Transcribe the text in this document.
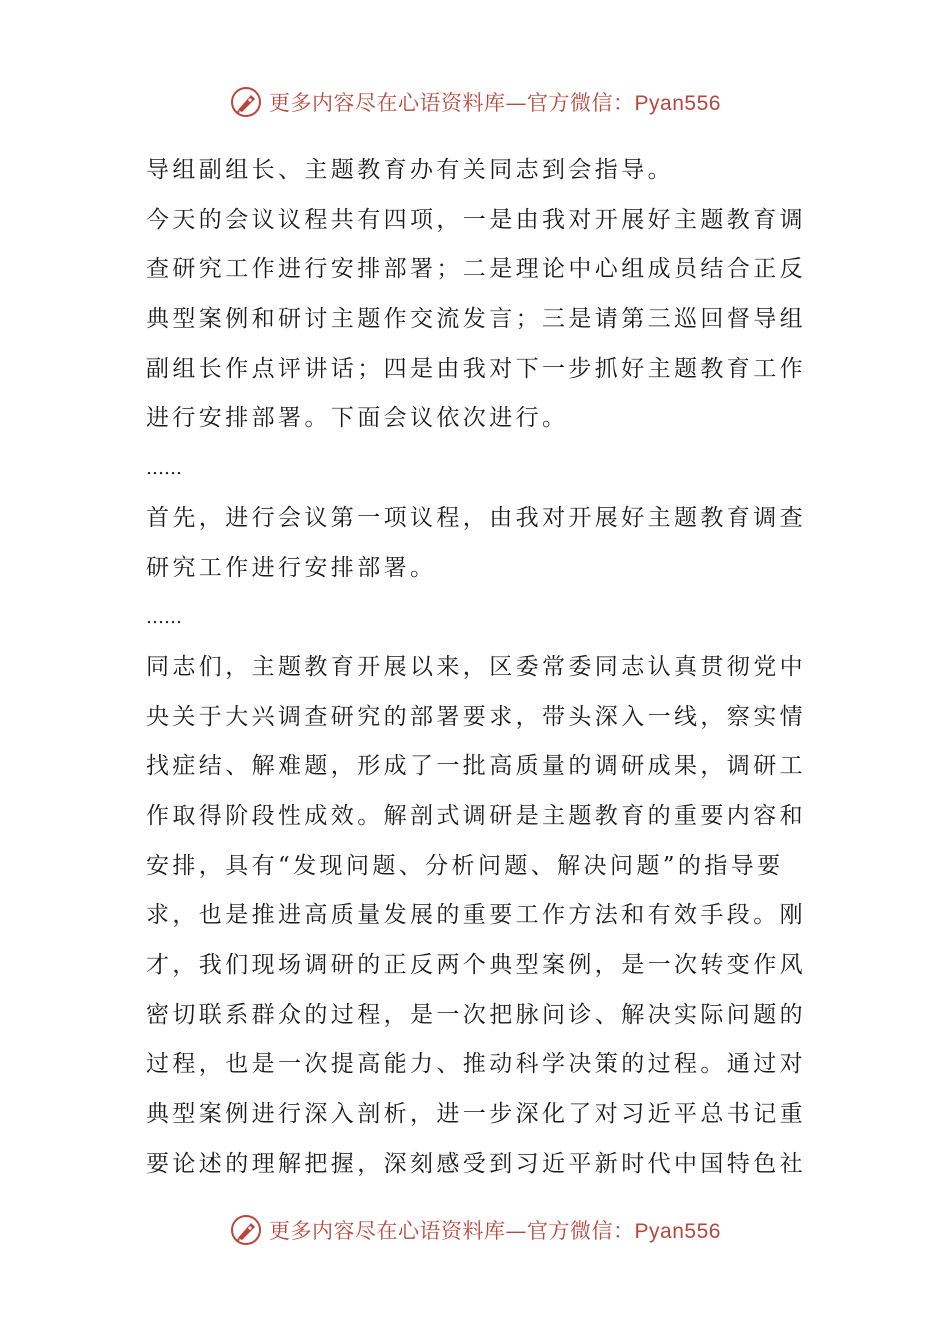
更多内容尽在心语资料库—官方微信：Pyan556
导组副组长、主题教育办有关同志到会指导。
今天的会议议程共有四项，一是由我对开展好主题教育调
查研究工作进行安排部署；二是理论中心组成员结合正反
典型案例和研讨主题作交流发言；三是请第三巡回督导组
副组长作点评讲话；四是由我对下一步抓好主题教育工作
进行安排部署。下面会议依次进行。
……
首先，进行会议第一项议程，由我对开展好主题教育调查
研究工作进行安排部署。
……
同志们，主题教育开展以来，区委常委同志认真贯彻党中
央关于大兴调查研究的部署要求，带头深入一线，察实情
找症结、解难题，形成了一批高质量的调研成果，调研工
作取得阶段性成效。解剖式调研是主题教育的重要内容和
安排，具有“发现问题、分析问题、解决问题”的指导要
求，也是推进高质量发展的重要工作方法和有效手段。刚
才，我们现场调研的正反两个典型案例，是一次转变作风
密切联系群众的过程，是一次把脉问诊、解决实际问题的
过程，也是一次提高能力、推动科学决策的过程。通过对
典型案例进行深入剖析，进一步深化了对习近平总书记重
要论述的理解把握，深刻感受到习近平新时代中国特色社
更多内容尽在心语资料库—官方微信：Pyan556
